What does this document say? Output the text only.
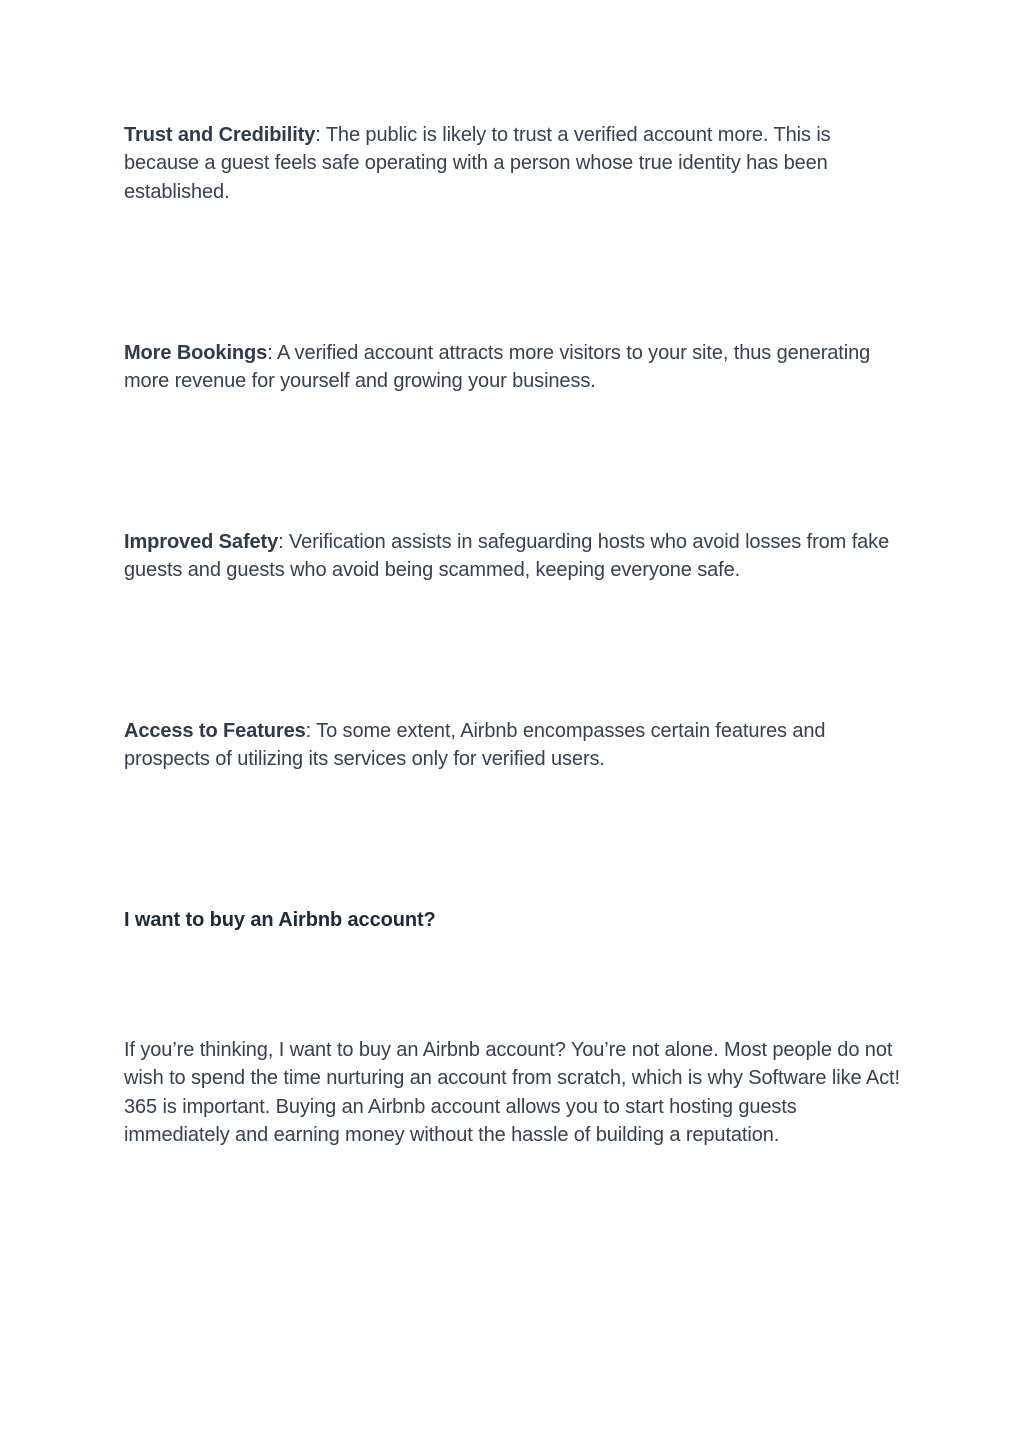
Trust and Credibility: The public is likely to trust a verified account more. This is because a guest feels safe operating with a person whose true identity has been established.

More Bookings: A verified account attracts more visitors to your site, thus generating more revenue for yourself and growing your business.

Improved Safety: Verification assists in safeguarding hosts who avoid losses from fake guests and guests who avoid being scammed, keeping everyone safe.

Access to Features: To some extent, Airbnb encompasses certain features and prospects of utilizing its services only for verified users.

I want to buy an Airbnb account?

If you’re thinking, I want to buy an Airbnb account? You’re not alone. Most people do not wish to spend the time nurturing an account from scratch, which is why Software like Act! 365 is important. Buying an Airbnb account allows you to start hosting guests immediately and earning money without the hassle of building a reputation.
